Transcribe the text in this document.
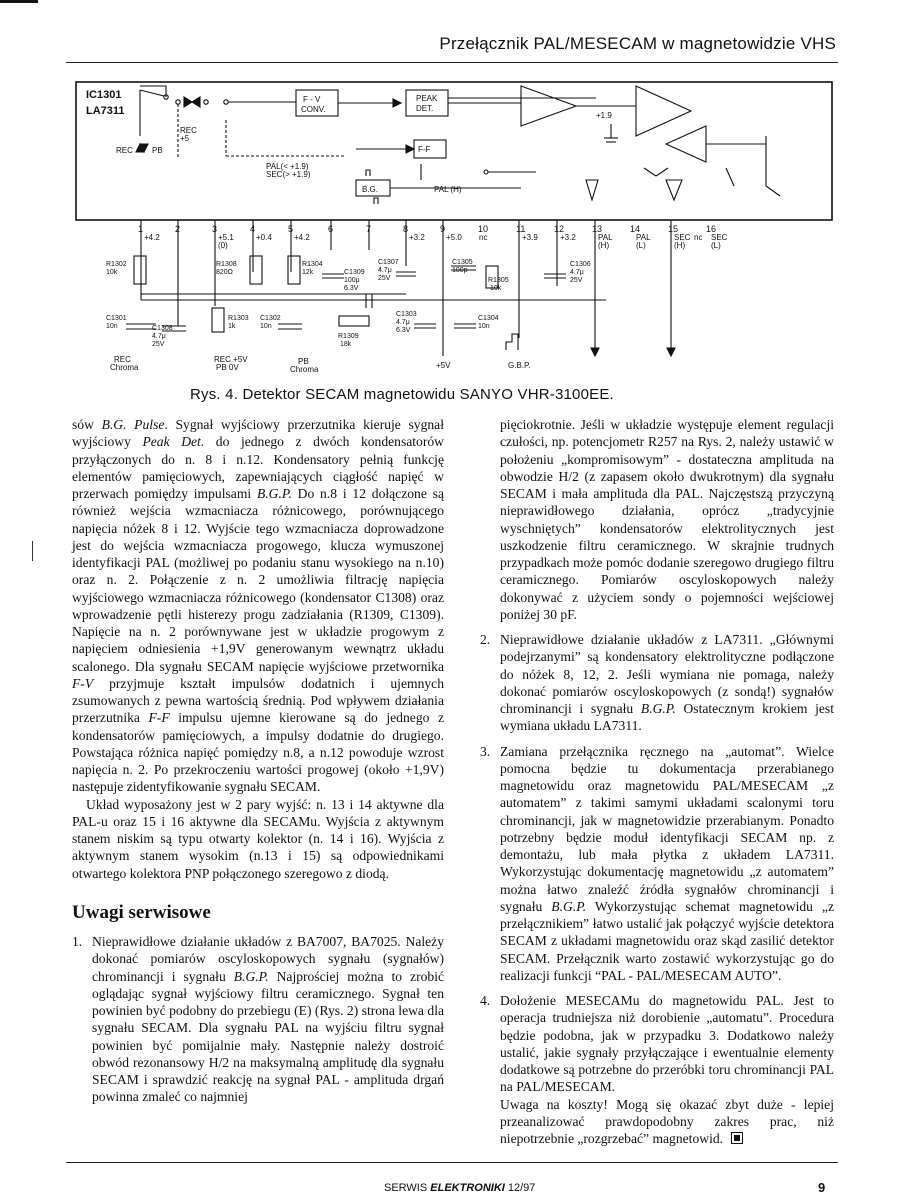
Przełącznik PAL/MESECAM w magnetowidzie VHS
IC1301
LA7311
REC
+5
REC PB
F - V
CONV.
PEAK
DET.
F-F
PAL(< +1.9)
SEC(> +1.9)
B.G.
+1.9
PAL (H)
1	2	3	4	5	6	7	8	9	10	11	12	13	14	15	16
+4.2	+5.1
(0)
+0.4	+4.2	+3.2	+5.0 nc	+3.9	+3.2	PAL
(H)
PAL
(L)
SEC
(H)
nc SEC
(L)
R1302
10k
R1308
820Ω
R1304
12k	C1309
100μ
6.3V
C1307
4.7μ
25V
C1305
100p
R1305
10k
C1306
4.7μ
25V
C1301
10n	C1308
4.7μ
25V
R1303
1k
C1302
10n
C1303
4.7μ
6.3V
R1309
18k
C1304
10n
REC
Chroma
REC +5V
PB 0V
PB
Chroma	+5V	G.B.P.
Rys. 4. Detektor SECAM magnetowidu SANYO VHR-3100EE.

sów B.G. Pulse. Sygnał wyjściowy przerzutnika kieruje sygnał wyjściowy Peak Det. do jednego z dwóch kondensatorów przyłączonych do n. 8 i n.12. Kondensatory pełnią funkcję elementów pamięciowych, zapewniających ciągłość napięć w przerwach pomiędzy impulsami B.G.P. Do n.8 i 12 dołączone są również wejścia wzmacniacza różnicowego, porównującego napięcia nóżek 8 i 12. Wyjście tego wzmacniacza doprowadzone jest do wejścia wzmacniacza progowego, klucza wymuszonej identyfikacji PAL (możliwej po podaniu stanu wysokiego na n.10) oraz n. 2. Połączenie z n. 2 umożliwia filtrację napięcia wyjściowego wzmacniacza różnicowego (kondensator C1308) oraz wprowadzenie pętli histerezy progu zadziałania (R1309, C1309). Napięcie na n. 2 porównywane jest w układzie progowym z napięciem odniesienia +1,9V generowanym wewnątrz układu scalonego. Dla sygnału SECAM napięcie wyjściowe przetwornika F-V przyjmuje kształt impulsów dodatnich i ujemnych zsumowanych z pewna wartością średnią. Pod wpływem działania przerzutnika F-F impulsu ujemne kierowane są do jednego z kondensatorów pamięciowych, a impulsy dodatnie do drugiego. Powstająca różnica napięć pomiędzy n.8, a n.12 powoduje wzrost napięcia n. 2. Po przekroczeniu wartości progowej (około +1,9V) następuje zidentyfikowanie sygnału SECAM.

Układ wyposażony jest w 2 pary wyjść: n. 13 i 14 aktywne dla PAL-u oraz 15 i 16 aktywne dla SECAMu. Wyjścia z aktywnym stanem niskim są typu otwarty kolektor (n. 14 i 16). Wyjścia z aktywnym stanem wysokim (n.13 i 15) są odpowiednikami otwartego kolektora PNP połączonego szeregowo z diodą.

Uwagi serwisowe
1. Nieprawidłowe działanie układów z BA7007, BA7025. Należy dokonać pomiarów oscyloskopowych sygnału (sygnałów) chrominancji i sygnału B.G.P. Najprościej można to zrobić oglądając sygnał wyjściowy filtru ceramicznego. Sygnał ten powinien być podobny do przebiegu (E) (Rys. 2) strona lewa dla sygnału SECAM. Dla sygnału PAL na wyjściu filtru sygnał powinien być pomijalnie mały. Następnie należy dostroić obwód rezonansowy H/2 na maksymalną amplitudę dla sygnału SECAM i sprawdzić reakcję na sygnał PAL - amplituda drgań powinna zmaleć co najmniej
pięciokrotnie. Jeśli w układzie występuje element regulacji czułości, np. potencjometr R257 na Rys. 2, należy ustawić w położeniu „kompromisowym” - dostateczna amplituda na obwodzie H/2 (z zapasem około dwukrotnym) dla sygnału SECAM i mała amplituda dla PAL. Najczęstszą przyczyną nieprawidłowego działania, oprócz „tradycyjnie wyschniętych” kondensatorów elektrolitycznych jest uszkodzenie filtru ceramicznego. W skrajnie trudnych przypadkach może pomóc dodanie szeregowo drugiego filtru ceramicznego. Pomiarów oscyloskopowych należy dokonywać z użyciem sondy o pojemności wejściowej poniżej 30 pF.
2. Nieprawidłowe działanie układów z LA7311. „Głównymi podejrzanymi” są kondensatory elektrolityczne podłączone do nóżek 8, 12, 2. Jeśli wymiana nie pomaga, należy dokonać pomiarów oscyloskopowych (z sondą!) sygnałów chrominancji i sygnału B.G.P. Ostatecznym krokiem jest wymiana układu LA7311.
3. Zamiana przełącznika ręcznego na „automat”. Wielce pomocna będzie tu dokumentacja przerabianego magnetowidu oraz magnetowidu PAL/MESECAM „z automatem” z takimi samymi układami scalonymi toru chrominancji, jak w magnetowidzie przerabianym. Ponadto potrzebny będzie moduł identyfikacji SECAM np. z demontażu, lub mała płytka z układem LA7311. Wykorzystując dokumentację magnetowidu „z automatem” można łatwo znaleźć źródła sygnałów chrominancji i sygnału B.G.P. Wykorzystując schemat magnetowidu „z przełącznikiem” łatwo ustalić jak połączyć wyjście detektora SECAM z układami magnetowidu oraz skąd zasilić detektor SECAM. Przełącznik warto zostawić wykorzystując go do realizacji funkcji “PAL - PAL/MESECAM AUTO”.
4. Dołożenie MESECAMu do magnetowidu PAL. Jest to operacja trudniejsza niż dorobienie „automatu”. Procedura będzie podobna, jak w przypadku 3. Dodatkowo należy ustalić, jakie sygnały przyłączające i ewentualnie elementy dodatkowe są potrzebne do przeróbki toru chrominancji PAL na PAL/MESECAM.
Uwaga na koszty! Mogą się okazać zbyt duże - lepiej przeanalizować prawdopodobny zakres prac, niż niepotrzebnie „rozgrzebać” magnetowid.
SERWIS ELEKTRONIKI 12/97	9
